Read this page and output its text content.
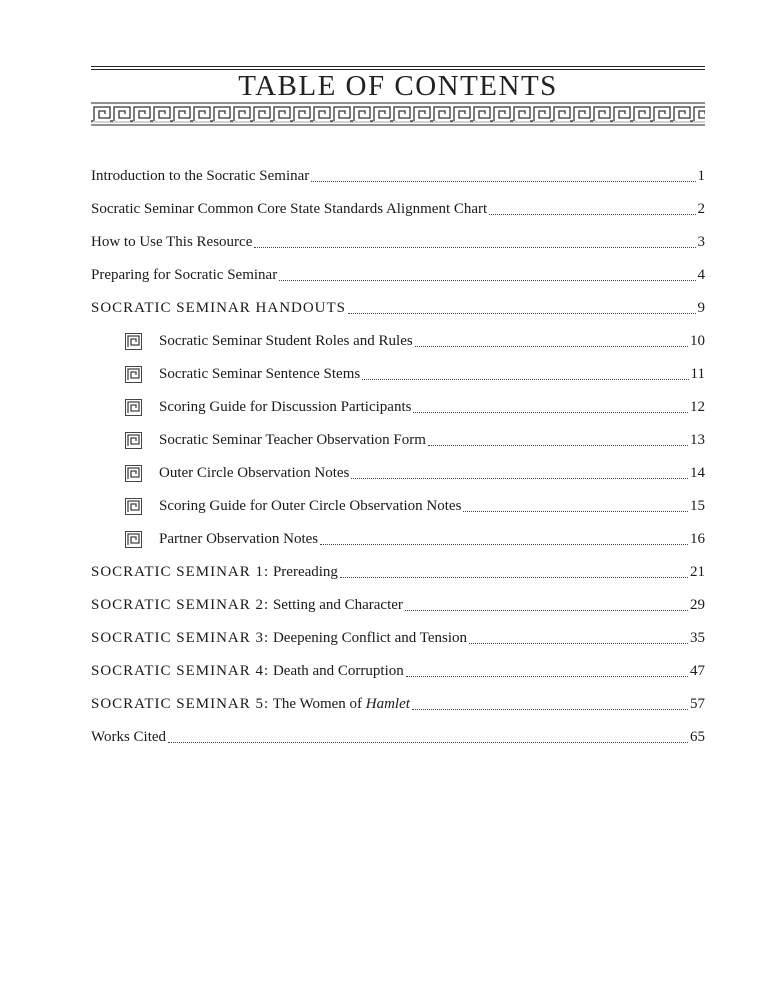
TABLE OF CONTENTS
Introduction to the Socratic Seminar	1
Socratic Seminar Common Core State Standards Alignment Chart	2
How to Use This Resource	3
Preparing for Socratic Seminar	4
SOCRATIC SEMINAR HANDOUTS	9
Socratic Seminar Student Roles and Rules	10
Socratic Seminar Sentence Stems	11
Scoring Guide for Discussion Participants	12
Socratic Seminar Teacher Observation Form	13
Outer Circle Observation Notes	14
Scoring Guide for Outer Circle Observation Notes	15
Partner Observation Notes	16
SOCRATIC SEMINAR 1: Prereading	21
SOCRATIC SEMINAR 2: Setting and Character	29
SOCRATIC SEMINAR 3: Deepening Conflict and Tension	35
SOCRATIC SEMINAR 4: Death and Corruption	47
SOCRATIC SEMINAR 5: The Women of Hamlet	57
Works Cited	65
